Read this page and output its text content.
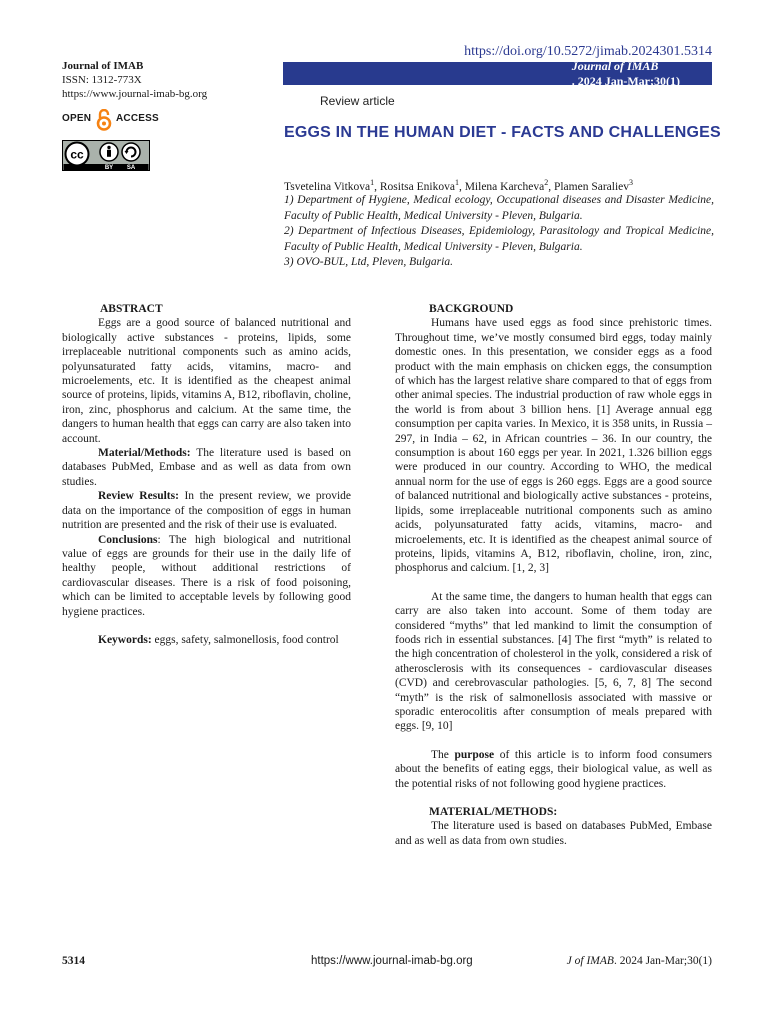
Journal of IMAB
ISSN: 1312-773X
https://www.journal-imab-bg.org
OPEN ACCESS
cc
BY SA
https://doi.org/10.5272/jimab.2024301.5314
Journal of IMAB
. 2024 Jan-Mar;30(1)
Review article
EGGS IN THE HUMAN DIET - FACTS AND CHALLENGES
Tsvetelina Vitkova$^1$, Rositsa Enikova$^1$, Milena Karcheva$^2$, Plamen Saraliev$^3$
1) Department of Hygiene, Medical ecology, Occupational diseases and Disaster Medicine, Faculty of Public Health, Medical University - Pleven, Bulgaria.
2) Department of Infectious Diseases, Epidemiology, Parasitology and Tropical Medicine, Faculty of Public Health, Medical University - Pleven, Bulgaria.
3) OVO-BUL, Ltd, Pleven, Bulgaria.
ABSTRACT

Eggs are a good source of balanced nutritional and biologically active substances - proteins, lipids, some irreplaceable nutritional components such as amino acids, polyunsaturated fatty acids, vitamins, macro- and microelements, etc. It is identified as the cheapest animal source of proteins, lipids, vitamins A, B12, riboflavin, choline, iron, zinc, phosphorus and calcium. At the same time, the dangers to human health that eggs can carry are also taken into account.

Material/Methods: The literature used is based on databases PubMed, Embase and as well as data from own studies.

Review Results: In the present review, we provide data on the importance of the composition of eggs in human nutrition are presented and the risk of their use is evaluated.

Conclusions: The high biological and nutritional value of eggs are grounds for their use in the daily life of healthy people, without additional restrictions of cardiovascular diseases. There is a risk of food poisoning, which can be limited to acceptable levels by following good hygiene practices.

Keywords: eggs, safety, salmonellosis, food control

BACKGROUND

Humans have used eggs as food since prehistoric times. Throughout time, we’ve mostly consumed bird eggs, today mainly domestic ones. In this presentation, we consider eggs as a food product with the main emphasis on chicken eggs, the consumption of which has the largest relative share compared to that of eggs from other animal species. The industrial production of raw whole eggs in the world is from about 3 billion hens. [1] Average annual egg consumption per capita varies. In Mexico, it is 358 units, in Russia – 297, in India – 62, in African countries – 36. In our country, the consumption is about 160 eggs per year. In 2021, 1.326 billion eggs were produced in our country. According to WHO, the medical annual norm for the use of eggs is 260 eggs. Eggs are a good source of balanced nutritional and biologically active substances - proteins, lipids, some irreplaceable nutritional components such as amino acids, polyunsaturated fatty acids, vitamins, macro- and microelements, etc. It is identified as the cheapest animal source of proteins, lipids, vitamins A, B12, riboflavin, choline, iron, zinc, phosphorus and calcium. [1, 2, 3]

At the same time, the dangers to human health that eggs can carry are also taken into account. Some of them today are considered “myths” that led mankind to limit the consumption of foods rich in essential substances. [4] The first “myth” is related to the high concentration of cholesterol in the yolk, considered a risk of atherosclerosis with its consequences - cardiovascular diseases (CVD) and cerebrovascular pathologies. [5, 6, 7, 8] The second “myth” is the risk of salmonellosis associated with massive or sporadic enterocolitis after consumption of meals prepared with eggs. [9, 10]

The purpose of this article is to inform food consumers about the benefits of eating eggs, their biological value, as well as the potential risks of not following good hygiene practices.

MATERIAL/METHODS:

The literature used is based on databases PubMed, Embase and as well as data from own studies.

5314	https://www.journal-imab-bg.org	J of IMAB. 2024 Jan-Mar;30(1)
